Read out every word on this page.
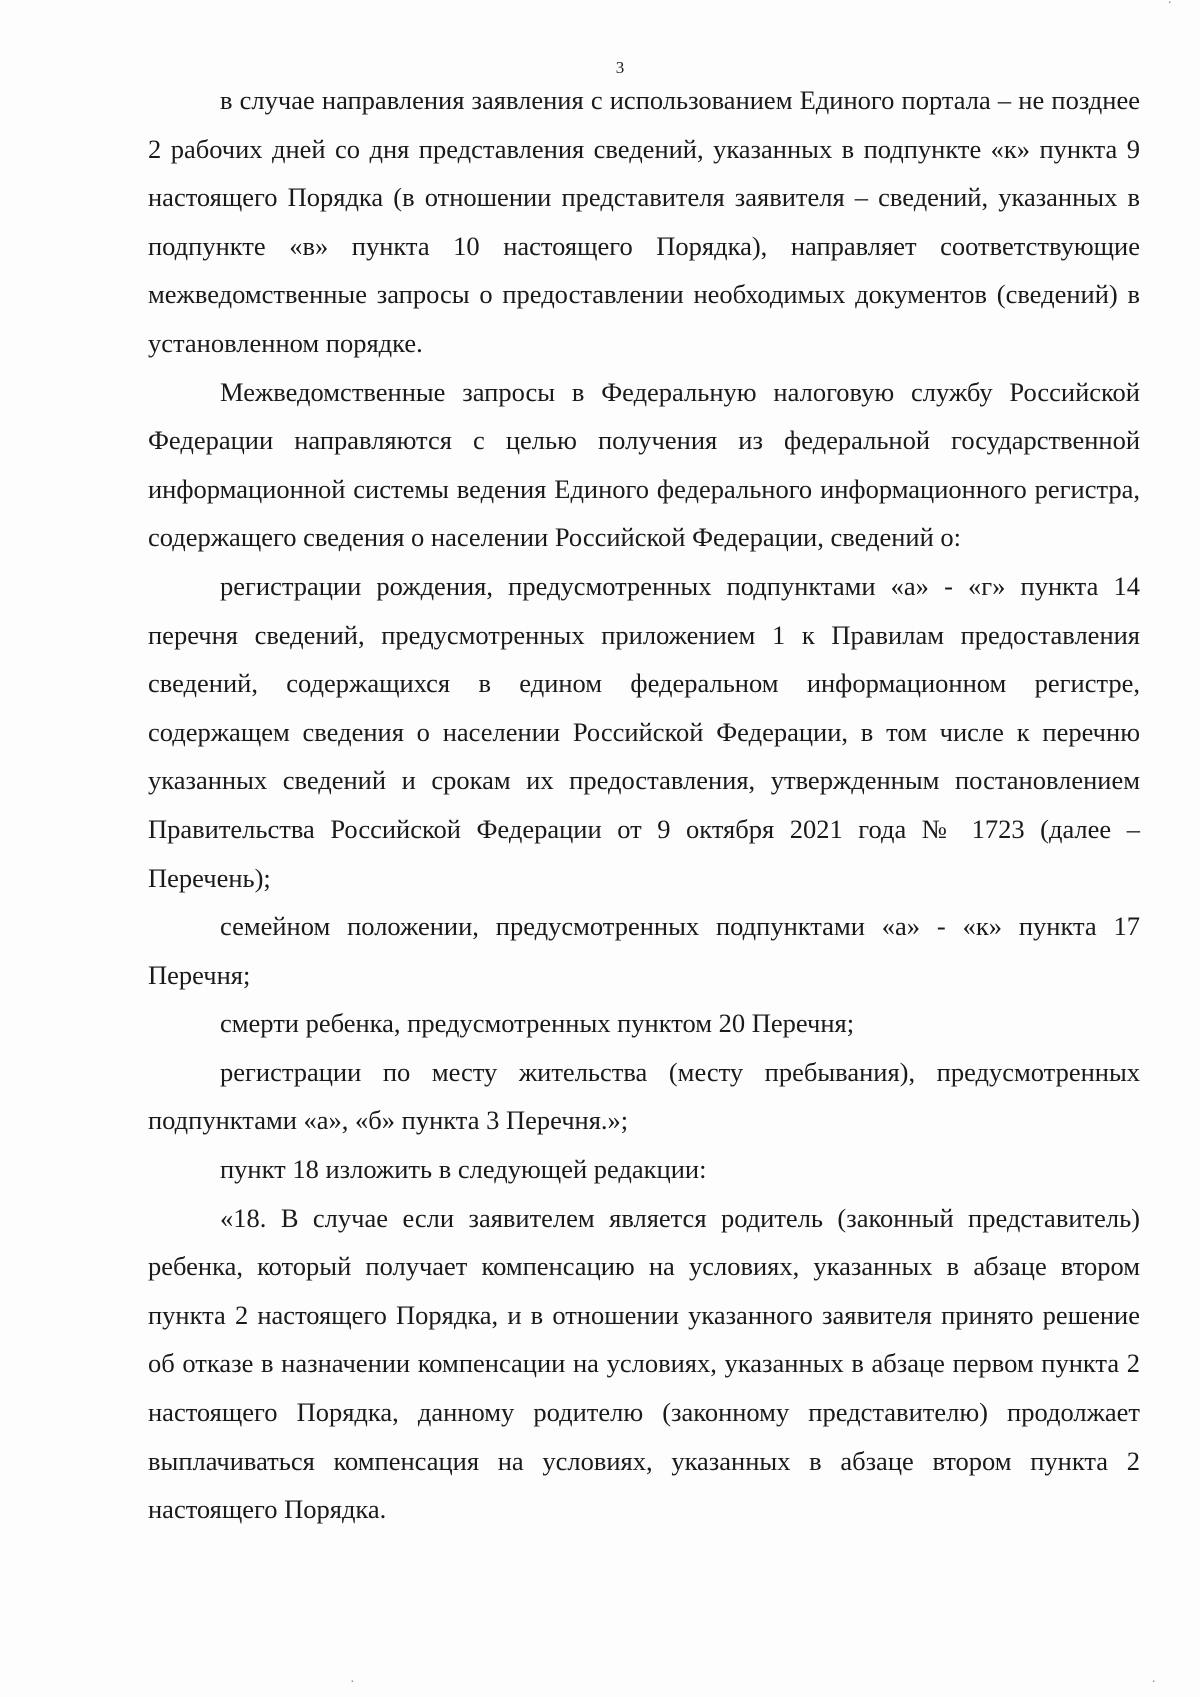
3

в случае направления заявления с использованием Единого портала – не позднее 2 рабочих дней со дня представления сведений, указанных в подпункте «к» пункта 9 настоящего Порядка (в отношении представителя заявителя – сведений, указанных в подпункте «в» пункта 10 настоящего Порядка), направляет соответствующие межведомственные запросы о предоставлении необходимых документов (сведений) в установленном порядке.

Межведомственные запросы в Федеральную налоговую службу Российской Федерации направляются с целью получения из федеральной государственной информационной системы ведения Единого федерального информационного регистра, содержащего сведения о населении Российской Федерации, сведений о:

регистрации рождения, предусмотренных подпунктами «а» - «г» пункта 14 перечня сведений, предусмотренных приложением 1 к Правилам предоставления сведений, содержащихся в едином федеральном информационном регистре, содержащем сведения о населении Российской Федерации, в том числе к перечню указанных сведений и срокам их предоставления, утвержденным постановлением Правительства Российской Федерации от 9 октября 2021 года № 1723 (далее – Перечень);

семейном положении, предусмотренных подпунктами «а» - «к» пункта 17 Перечня;

смерти ребенка, предусмотренных пунктом 20 Перечня;

регистрации по месту жительства (месту пребывания), предусмотренных подпунктами «а», «б» пункта 3 Перечня.»;

пункт 18 изложить в следующей редакции:

«18. В случае если заявителем является родитель (законный представитель) ребенка, который получает компенсацию на условиях, указанных в абзаце втором пункта 2 настоящего Порядка, и в отношении указанного заявителя принято решение об отказе в назначении компенсации на условиях, указанных в абзаце первом пункта 2 настоящего Порядка, данному родителю (законному представителю) продолжает выплачиваться компенсация на условиях, указанных в абзаце втором пункта 2 настоящего Порядка.

·
·	·
